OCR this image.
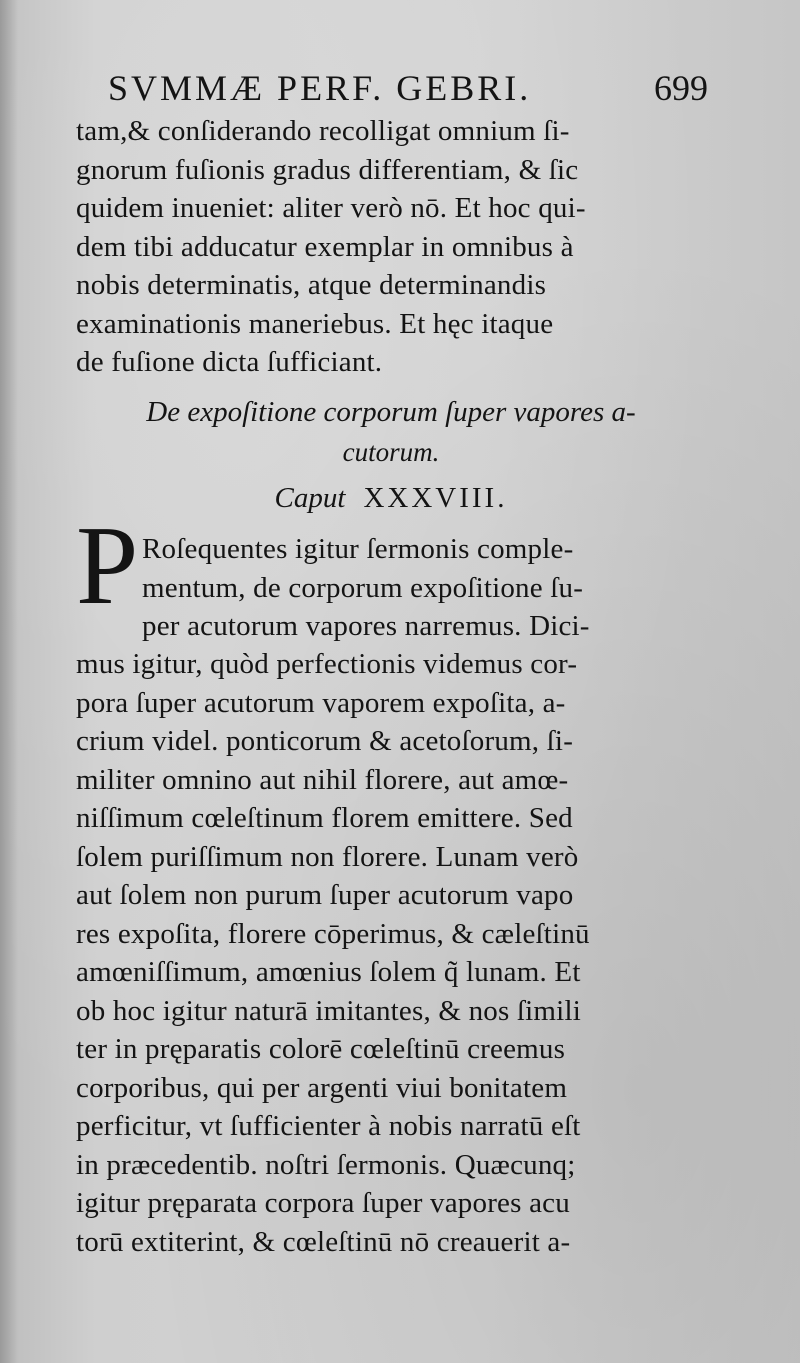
SVMMÆ PERF. GEBRI.	699
tam,& conſiderando recolligat omnium ſi-
gnorum fuſionis gradus differentiam, & ſic
quidem inueniet: aliter verò nō. Et hoc qui-
dem tibi adducatur exemplar in omnibus à
nobis determinatis, atque determinandis
examinationis maneriebus. Et hęc itaque
de fuſione dicta ſufficiant.
De expoſitione corporum ſuper vapores a-
cutorum.
Caput XXXVIII.
P Roſequentes igitur ſermonis comple-
mentum, de corporum expoſitione ſu-
per acutorum vapores narremus. Dici-
mus igitur, quòd perfectionis videmus cor-
pora ſuper acutorum vaporem expoſita, a-
crium videl. ponticorum & acetoſorum, ſi-
militer omnino aut nihil florere, aut amœ-
niſſimum cœleſtinum florem emittere. Sed
ſolem puriſſimum non florere. Lunam verò
aut ſolem non purum ſuper acutorum vapo
res expoſita, florere cōperimus, & cæleſtinū
amœniſſimum, amœnius ſolem q̃ lunam. Et
ob hoc igitur naturā imitantes, & nos ſimili
ter in pręparatis colorē cœleſtinū creemus
corporibus, qui per argenti viui bonitatem
perficitur, vt ſufficienter à nobis narratū eſt
in præcedentib. noſtri ſermonis. Quæcunq;
igitur pręparata corpora ſuper vapores acu
torū extiterint, & cœleſtinū nō creauerit a-
